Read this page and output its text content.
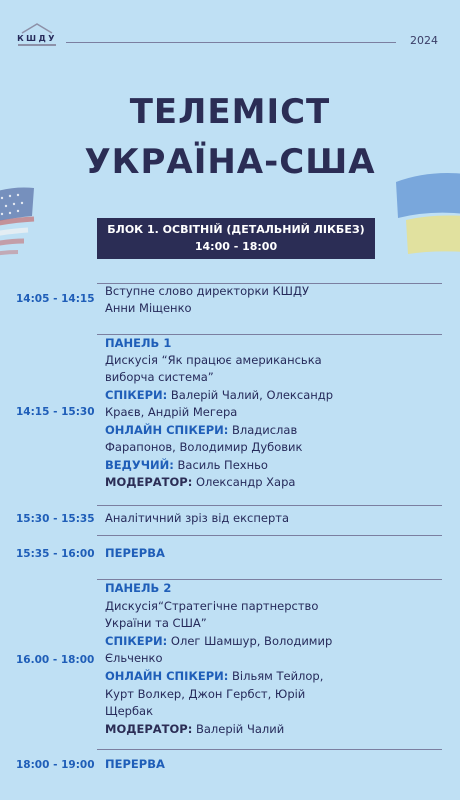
КШДУ	2024
ТЕЛЕМІСТ
УКРАЇНА-США
БЛОК 1. ОСВІТНІЙ (ДЕТАЛЬНИЙ ЛІКБЕЗ)
14:00 - 18:00
14:05 - 14:15
Вступне слово директорки КШДУ
Анни Міщенко
14:15 - 15:30
ПАНЕЛЬ 1
Дискусія “Як працює американська
виборча система”
СПІКЕРИ: Валерій Чалий, Олександр
Краєв, Андрій Мегера
ОНЛАЙН СПІКЕРИ: Владислав
Фарапонов, Володимир Дубовик
ВЕДУЧИЙ: Василь Пехньо
МОДЕРАТОР: Олександр Хара
15:30 - 15:35 Аналітичний зріз від експерта
15:35 - 16:00 ПЕРЕРВА
16.00 - 18:00
ПАНЕЛЬ 2
Дискусія“Стратегічне партнерство
України та США”
СПІКЕРИ: Олег Шамшур, Володимир
Єльченко
ОНЛАЙН СПІКЕРИ: Вільям Тейлор,
Курт Волкер, Джон Гербст, Юрій
Щербак
МОДЕРАТОР: Валерій Чалий
18:00 - 19:00 ПЕРЕРВА
